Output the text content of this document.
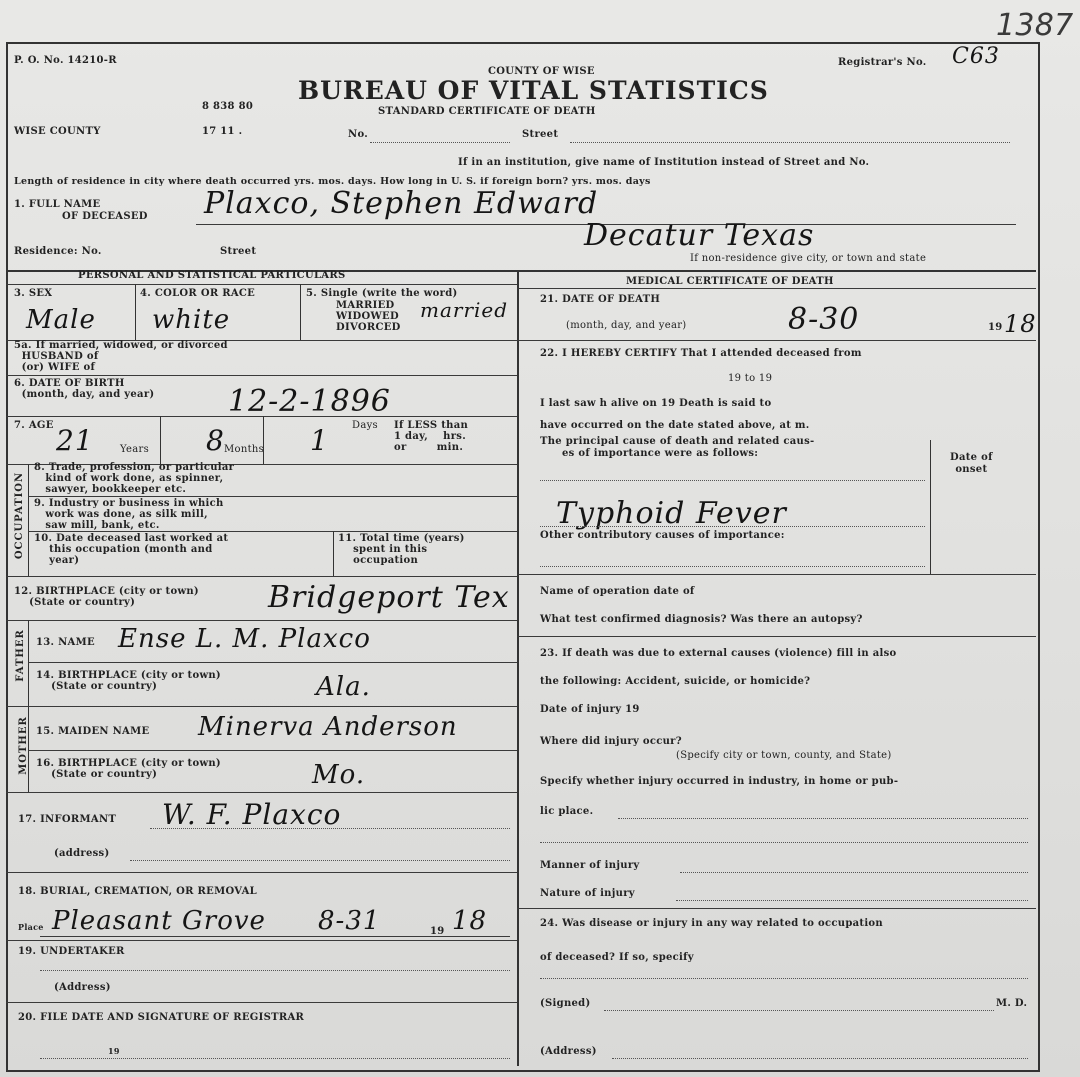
1387
P. O. No. 14210-R	Registrar's No. C63
COUNTY OF WISE
BUREAU OF VITAL STATISTICS
STANDARD CERTIFICATE OF DEATH
8 838 80
WISE COUNTY	17 11 .	No.	Street
If in an institution, give name of Institution instead of Street and No.
Length of residence in city where death occurred yrs. mos. days. How long in U. S. if foreign born? yrs. mos. days
1. FULL NAME
OF DECEASED Plaxco, Stephen Edward
Residence: No.	Street	Decatur Texas
If non-residence give city, or town and state
PERSONAL AND STATISTICAL PARTICULARS
3. SEX
Male
4. COLOR OR RACE
white
5. Single (write the word)
MARRIED
WIDOWED
DIVORCED
married
5a. If married, widowed, or divorced
HUSBAND of
(or) WIFE of
6. DATE OF BIRTH
(month, day, and year) 12-2-1896
7. AGE 21	Years 8 Months 1 Days If LESS than
1 day,    hrs.
or        min.
OCCUPATION
8. Trade, profession, or particular
kind of work done, as spinner,
sawyer, bookkeeper etc.
9. Industry or business in which
work was done, as silk mill,
saw mill, bank, etc.
10. Date deceased last worked at
this occupation (month and
year)
11. Total time (years)
spent in this
occupation
12. BIRTHPLACE (city or town)
(State or country)	Bridgeport Tex
FATHER 13. NAME Ense L. M. Plaxco
14. BIRTHPLACE (city or town)
(State or country)	Ala.
MOTHER 15. MAIDEN NAME Minerva Anderson
16. BIRTHPLACE (city or town)
(State or country)	Mo.
17. INFORMANT W. F. Plaxco
(address)
18. BURIAL, CREMATION, OR REMOVAL
Place Pleasant Grove 8-31	19 18
19. UNDERTAKER
(Address)
20. FILE DATE AND SIGNATURE OF REGISTRAR
19
MEDICAL CERTIFICATE OF DEATH
21. DATE OF DEATH
(month, day, and year)	8-30	19 18
22. I HEREBY CERTIFY That I attended deceased from
19 to 19
I last saw h alive on 19 Death is said to
have occurred on the date stated above, at m.
The principal cause of death and related caus-
es of importance were as follows:	Date of
onset
Typhoid Fever
Other contributory causes of importance:
Name of operation date of
What test confirmed diagnosis? Was there an autopsy?
23. If death was due to external causes (violence) fill in also
the following: Accident, suicide, or homicide?
Date of injury 19
Where did injury occur?
(Specify city or town, county, and State)
Specify whether injury occurred in industry, in home or pub-
lic place.
Manner of injury
Nature of injury
24. Was disease or injury in any way related to occupation
of deceased? If so, specify
(Signed)	M. D.
(Address)
